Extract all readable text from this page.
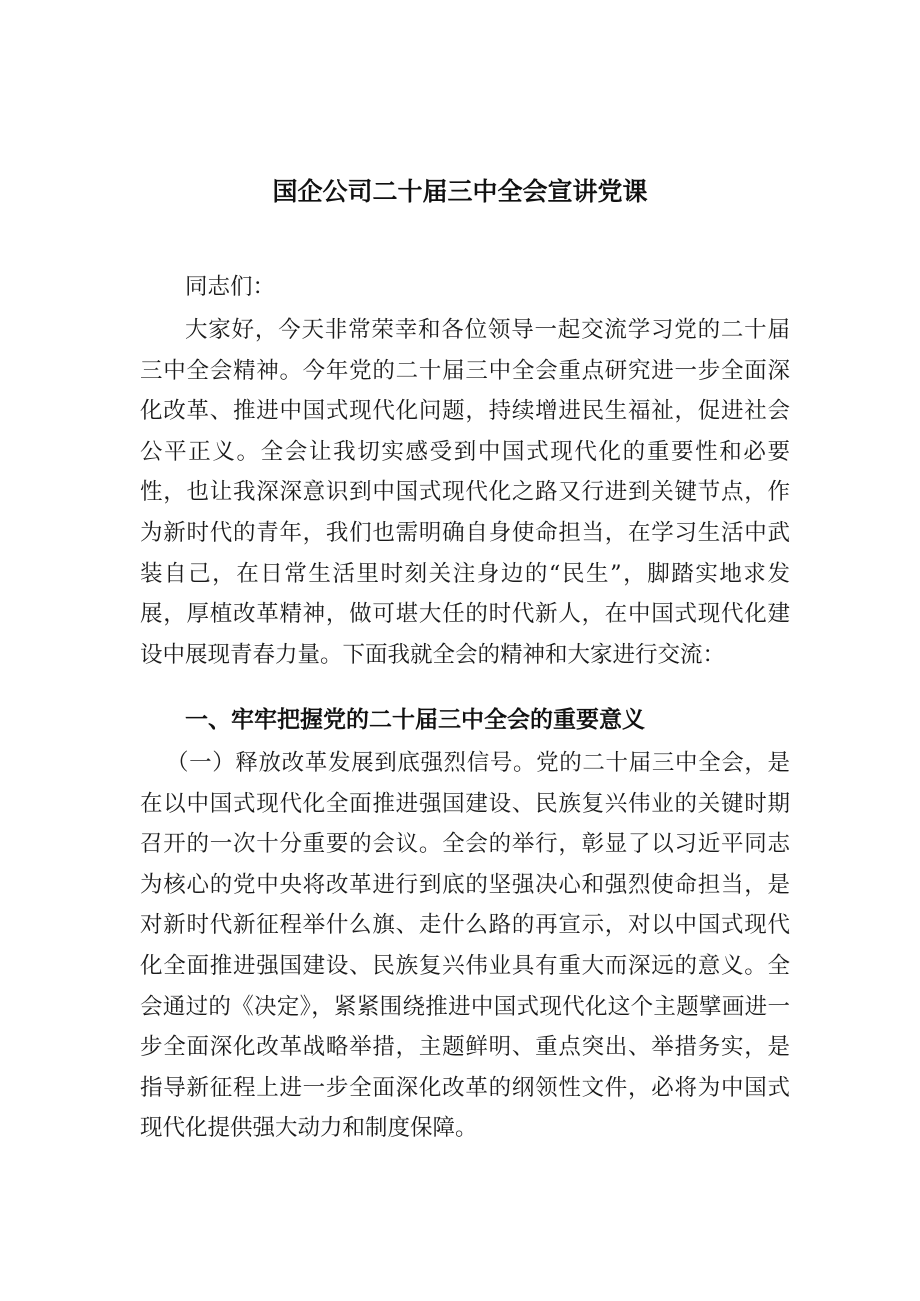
国企公司二十届三中全会宣讲党课
同志们：

大家好，今天非常荣幸和各位领导一起交流学习党的二十届三中全会精神。今年党的二十届三中全会重点研究进一步全面深化改革、推进中国式现代化问题，持续增进民生福祉，促进社会公平正义。全会让我切实感受到中国式现代化的重要性和必要性，也让我深深意识到中国式现代化之路又行进到关键节点，作为新时代的青年，我们也需明确自身使命担当，在学习生活中武装自己，在日常生活里时刻关注身边的“民生”，脚踏实地求发展，厚植改革精神，做可堪大任的时代新人，在中国式现代化建设中展现青春力量。下面我就全会的精神和大家进行交流：

一、牢牢把握党的二十届三中全会的重要意义

（一）释放改革发展到底强烈信号。党的二十届三中全会，是在以中国式现代化全面推进强国建设、民族复兴伟业的关键时期召开的一次十分重要的会议。全会的举行，彰显了以习近平同志为核心的党中央将改革进行到底的坚强决心和强烈使命担当，是对新时代新征程举什么旗、走什么路的再宣示，对以中国式现代化全面推进强国建设、民族复兴伟业具有重大而深远的意义。全会通过的《决定》，紧紧围绕推进中国式现代化这个主题擘画进一步全面深化改革战略举措，主题鲜明、重点突出、举措务实，是指导新征程上进一步全面深化改革的纲领性文件，必将为中国式现代化提供强大动力和制度保障。
